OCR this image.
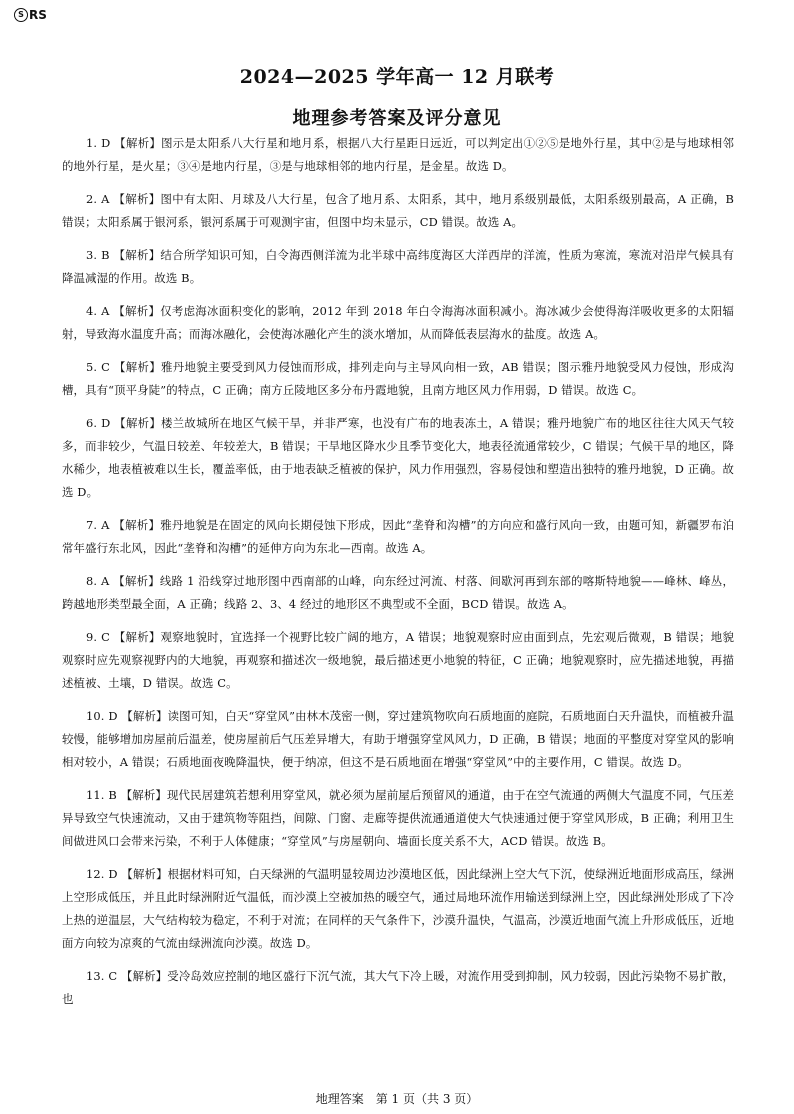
S RS
2024—2025 学年高一 12 月联考
地理参考答案及评分意见

1. D 【解析】图示是太阳系八大行星和地月系，根据八大行星距日远近，可以判定出①②⑤是地外行星，其中②是与地球相邻的地外行星，是火星；③④是地内行星，③是与地球相邻的地内行星，是金星。故选 D。

2. A 【解析】图中有太阳、月球及八大行星，包含了地月系、太阳系，其中，地月系级别最低，太阳系级别最高，A 正确，B 错误；太阳系属于银河系，银河系属于可观测宇宙，但图中均未显示，CD 错误。故选 A。

3. B 【解析】结合所学知识可知，白令海西侧洋流为北半球中高纬度海区大洋西岸的洋流，性质为寒流，寒流对沿岸气候具有降温减湿的作用。故选 B。

4. A 【解析】仅考虑海冰面积变化的影响，2012 年到 2018 年白令海海冰面积减小。海冰减少会使得海洋吸收更多的太阳辐射，导致海水温度升高；而海冰融化，会使海冰融化产生的淡水增加，从而降低表层海水的盐度。故选 A。

5. C 【解析】雅丹地貌主要受到风力侵蚀而形成，排列走向与主导风向相一致，AB 错误；图示雅丹地貌受风力侵蚀，形成沟槽，具有“顶平身陡”的特点，C 正确；南方丘陵地区多分布丹霞地貌，且南方地区风力作用弱，D 错误。故选 C。

6. D 【解析】楼兰故城所在地区气候干旱，并非严寒，也没有广布的地表冻土，A 错误；雅丹地貌广布的地区往往大风天气较多，而非较少，气温日较差、年较差大，B 错误；干旱地区降水少且季节变化大，地表径流通常较少，C 错误；气候干旱的地区，降水稀少，地表植被难以生长，覆盖率低，由于地表缺乏植被的保护，风力作用强烈，容易侵蚀和塑造出独特的雅丹地貌，D 正确。故选 D。

7. A 【解析】雅丹地貌是在固定的风向长期侵蚀下形成，因此“垄脊和沟槽”的方向应和盛行风向一致，由题可知，新疆罗布泊常年盛行东北风，因此“垄脊和沟槽”的延伸方向为东北—西南。故选 A。

8. A 【解析】线路 1 沿线穿过地形图中西南部的山峰，向东经过河流、村落、间歇河再到东部的喀斯特地貌——峰林、峰丛，跨越地形类型最全面，A 正确；线路 2、3、4 经过的地形区不典型或不全面，BCD 错误。故选 A。

9. C 【解析】观察地貌时，宜选择一个视野比较广阔的地方，A 错误；地貌观察时应由面到点，先宏观后微观，B 错误；地貌观察时应先观察视野内的大地貌，再观察和描述次一级地貌，最后描述更小地貌的特征，C 正确；地貌观察时，应先描述地貌，再描述植被、土壤，D 错误。故选 C。

10. D 【解析】读图可知，白天“穿堂风”由林木茂密一侧，穿过建筑物吹向石质地面的庭院，石质地面白天升温快，而植被升温较慢，能够增加房屋前后温差，使房屋前后气压差异增大，有助于增强穿堂风风力，D 正确，B 错误；地面的平整度对穿堂风的影响相对较小，A 错误；石质地面夜晚降温快，便于纳凉，但这不是石质地面在增强“穿堂风”中的主要作用，C 错误。故选 D。

11. B 【解析】现代民居建筑若想利用穿堂风，就必须为屋前屋后预留风的通道，由于在空气流通的两侧大气温度不同，气压差异导致空气快速流动，又由于建筑物等阻挡，间隙、门窗、走廊等提供流通通道使大气快速通过便于穿堂风形成，B 正确；利用卫生间做进风口会带来污染，不利于人体健康；“穿堂风”与房屋朝向、墙面长度关系不大，ACD 错误。故选 B。

12. D 【解析】根据材料可知，白天绿洲的气温明显较周边沙漠地区低，因此绿洲上空大气下沉，使绿洲近地面形成高压，绿洲上空形成低压，并且此时绿洲附近气温低，而沙漠上空被加热的暖空气，通过局地环流作用输送到绿洲上空，因此绿洲处形成了下冷上热的逆温层，大气结构较为稳定，不利于对流；在同样的天气条件下，沙漠升温快，气温高，沙漠近地面气流上升形成低压，近地面方向较为凉爽的气流由绿洲流向沙漠。故选 D。

13. C 【解析】受冷岛效应控制的地区盛行下沉气流，其大气下冷上暖，对流作用受到抑制，风力较弱，因此污染物不易扩散，也

地理答案　第 1 页（共 3 页）
